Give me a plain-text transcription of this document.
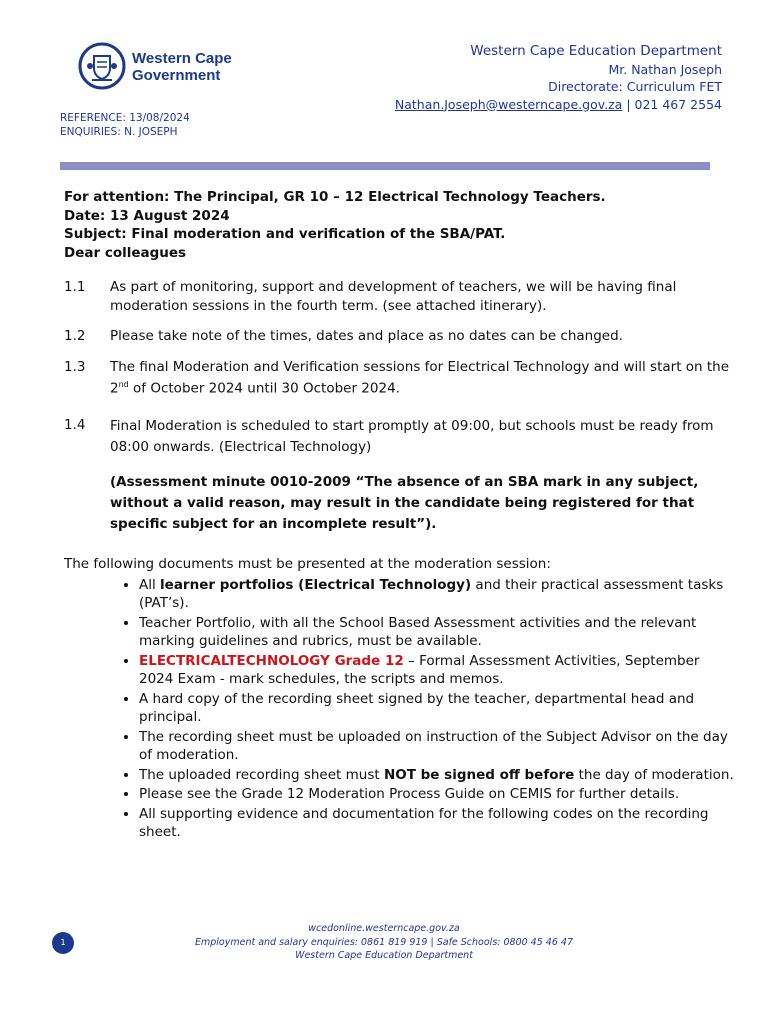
Western Cape
Government
Western Cape Education Department
Mr. Nathan Joseph
Directorate: Curriculum FET
Nathan.Joseph@westerncape.gov.za | 021 467 2554
REFERENCE: 13/08/2024
ENQUIRIES: N. JOSEPH

For attention: The Principal, GR 10 – 12 Electrical Technology Teachers.

Date: 13 August 2024

Subject: Final moderation and verification of the SBA/PAT.

Dear colleagues

1.1	As part of monitoring, support and development of teachers, we will be having final moderation sessions in the fourth term. (see attached itinerary).
1.2	Please take note of the times, dates and place as no dates can be changed.
1.3	The final Moderation and Verification sessions for Electrical Technology and will start on the 2nd of October 2024 until 30 October 2024.
1.4	Final Moderation is scheduled to start promptly at 09:00, but schools must be ready from 08:00 onwards. (Electrical Technology)
(Assessment minute 0010-2009 “The absence of an SBA mark in any subject, without a valid reason, may result in the candidate being registered for that specific subject for an incomplete result”).
The following documents must be presented at the moderation session:
• All learner portfolios (Electrical Technology) and their practical assessment tasks (PAT’s).
• Teacher Portfolio, with all the School Based Assessment activities and the relevant marking guidelines and rubrics, must be available.
• ELECTRICALTECHNOLOGY Grade 12 – Formal Assessment Activities, September 2024 Exam - mark schedules, the scripts and memos.
• A hard copy of the recording sheet signed by the teacher, departmental head and principal.
• The recording sheet must be uploaded on instruction of the Subject Advisor on the day of moderation.
• The uploaded recording sheet must NOT be signed off before the day of moderation.
• Please see the Grade 12 Moderation Process Guide on CEMIS for further details.
• All supporting evidence and documentation for the following codes on the recording sheet.
1
wcedonline.westerncape.gov.za
Employment and salary enquiries: 0861 819 919 | Safe Schools: 0800 45 46 47
Western Cape Education Department
